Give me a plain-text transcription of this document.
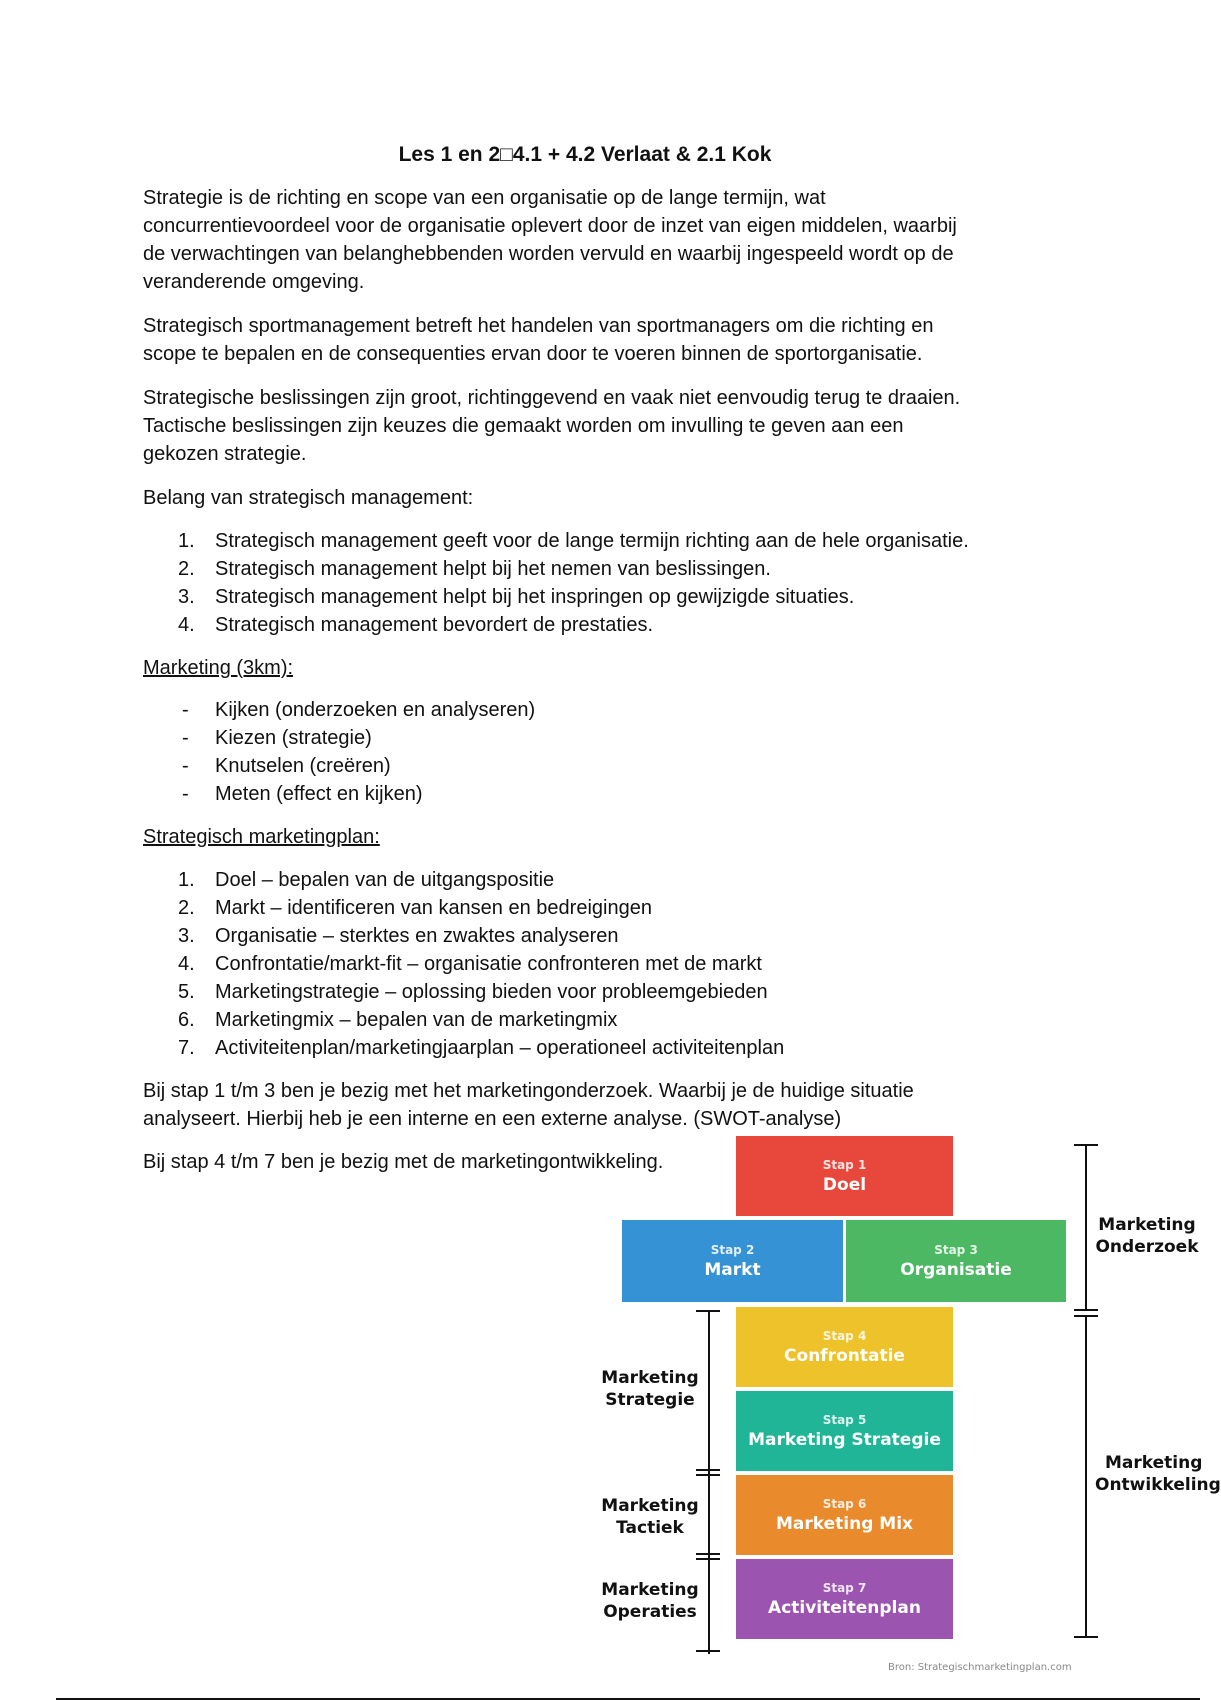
Les 1 en 2□4.1 + 4.2 Verlaat & 2.1 Kok
Strategie is de richting en scope van een organisatie op de lange termijn, wat
concurrentievoordeel voor de organisatie oplevert door de inzet van eigen middelen, waarbij
de verwachtingen van belanghebbenden worden vervuld en waarbij ingespeeld wordt op de
veranderende omgeving.
Strategisch sportmanagement betreft het handelen van sportmanagers om die richting en
scope te bepalen en de consequenties ervan door te voeren binnen de sportorganisatie.
Strategische beslissingen zijn groot, richtinggevend en vaak niet eenvoudig terug te draaien.
Tactische beslissingen zijn keuzes die gemaakt worden om invulling te geven aan een
gekozen strategie.
Belang van strategisch management:
1. Strategisch management geeft voor de lange termijn richting aan de hele organisatie.
2. Strategisch management helpt bij het nemen van beslissingen.
3. Strategisch management helpt bij het inspringen op gewijzigde situaties.
4. Strategisch management bevordert de prestaties.
Marketing (3km):
- Kijken (onderzoeken en analyseren)
- Kiezen (strategie)
- Knutselen (creëren)
- Meten (effect en kijken)
Strategisch marketingplan:
1. Doel – bepalen van de uitgangspositie
2. Markt – identificeren van kansen en bedreigingen
3. Organisatie – sterktes en zwaktes analyseren
4. Confrontatie/markt-fit – organisatie confronteren met de markt
5. Marketingstrategie – oplossing bieden voor probleemgebieden
6. Marketingmix – bepalen van de marketingmix
7. Activiteitenplan/marketingjaarplan – operationeel activiteitenplan
Bij stap 1 t/m 3 ben je bezig met het marketingonderzoek. Waarbij je de huidige situatie
analyseert. Hierbij heb je een interne en een externe analyse. (SWOT-analyse)
Bij stap 4 t/m 7 ben je bezig met de marketingontwikkeling.	Stap 1
Doel
Stap 2
Markt
Stap 3
Organisatie
Stap 4
Confrontatie
Stap 5
Marketing Strategie
Stap 6
Marketing Mix
Stap 7
Activiteitenplan
Marketing
Onderzoek
Marketing
Ontwikkeling
Marketing
Strategie
Marketing
Tactiek
Marketing
Operaties
Bron: Strategischmarketingplan.com
